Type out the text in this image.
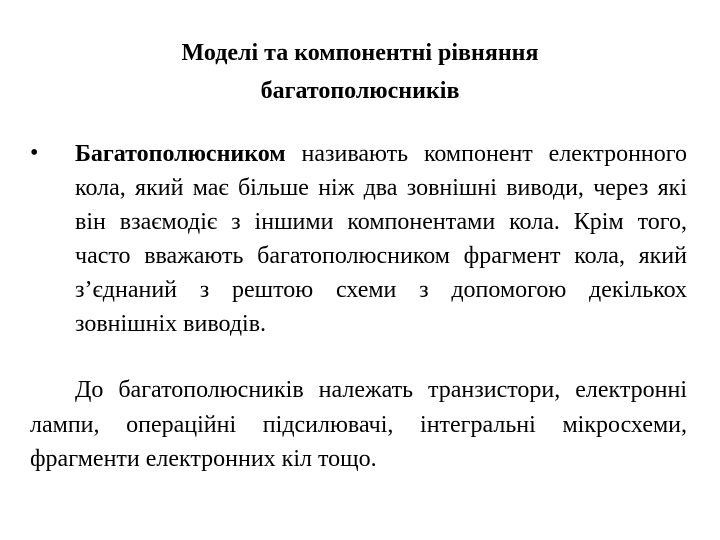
Моделі та компонентні рівняння
багатополюсників
• Багатополюсником називають компонент електронного кола, який має більше ніж два зовнішні виводи, через які він взаємодіє з іншими компонентами кола. Крім того, часто вважають багатополюсником фрагмент кола, який з’єднаний з рештою схеми з допомогою декількох зовнішніх виводів.

До багатополюсників належать транзистори, електронні лампи, операційні підсилювачі, інтегральні мікросхеми, фрагменти електронних кіл тощо.
